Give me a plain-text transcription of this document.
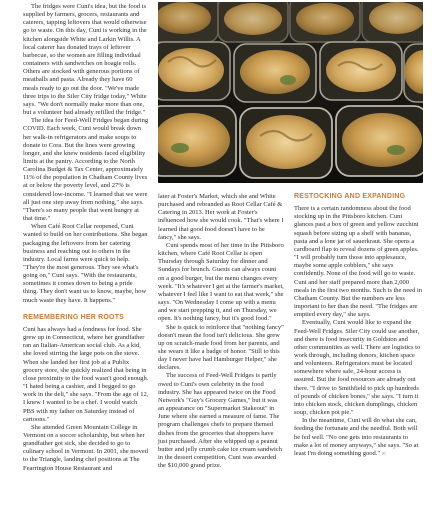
The fridges were Cuni's idea, but the food is supplied by farmers, grocers, restaurants and caterers, tapping leftovers that would otherwise go to waste. On this day, Cuni is working in the kitchen alongside White and Larkin Willis. A local caterer has donated trays of leftover barbecue, so the women are filling individual containers with sandwiches on hoagie rolls. Others are stocked with generous portions of meatballs and pasta. Already they have 60 meals ready to go out the door. "We've made three trips to the Siler City fridge today," White says. "We don't normally make more than one, but a volunteer had already refilled the fridge."

The idea for Feed-Well Fridges began during COVID. Each week, Cuni would break down her walk-in refrigerators and make soups to donate to Cora. But the lines were growing longer, and she knew residents faced eligibility limits at the pantry. According to the North Carolina Budget & Tax Center, approximately 11% of the population in Chatham County lives at or below the poverty level, and 27% is considered low-income. "I learned that we were all just one step away from nothing," she says. "There's so many people that went hungry at that time."

When Café Root Cellar reopened, Cuni wanted to build on her contributions. She began packaging the leftovers from her catering business and reaching out to others in the industry. Local farms were quick to help. "They're the most generous. They see what's going on," Cuni says. "With the restaurants, sometimes it comes down to being a pride thing. They don't want us to know, maybe, how much waste they have. It happens."

REMEMBERING HER ROOTS

Cuni has always had a fondness for food. She grew up in Connecticut, where her grandfather ran an Italian-American social club. As a kid, she loved stirring the large pots on the stove. When she landed her first job at a Publix grocery store, she quickly realized that being in close proximity to the food wasn't good enough. "I hated being a cashier, and I begged to go work in the deli," she says. "From the age of 12, I knew I wanted to be a chef. I would watch PBS with my father on Saturday instead of cartoons."

She attended Green Mountain College in Vermont on a soccer scholarship, but when her grandfather got sick, she decided to go to culinary school in Vermont. In 2001, she moved to the Triangle, landing chef positions at The Fearrington House Restaurant and

later at Foster's Market, which she and White purchased and rebranded as Root Cellar Café & Catering in 2013. Her work at Foster's influenced how she would cook. "That's where I learned that good food doesn't have to be fancy," she says.

Cuni spends most of her time in the Pittsboro kitchen, where Café Root Cellar is open Thursday through Saturday for dinner and Sundays for brunch. Guests can always count on a good burger, but the menu changes every week. "It's whatever I get at the farmer's market, whatever I feel like I want to eat that week," she says. "On Wednesday I come up with a menu and we start prepping it, and on Thursday, we open. It's nothing fancy, but it's good food."

She is quick to reinforce that "nothing fancy" doesn't mean the food isn't delicious. She grew up on scratch-made food from her parents, and she wears it like a badge of honor. "Still to this day I never have had Hamburger Helper," she declares.

The success of Feed-Well Fridges is partly owed to Cuni's own celebrity in the food industry. She has appeared twice on the Food Network's "Guy's Grocery Games," but it was an appearance on "Supermarket Stakeout" in June where she earned a measure of fame. The program challenges chefs to prepare themed dishes from the groceries that shoppers have just purchased. After she whipped up a peanut butter and jelly crumb cake ice cream sandwich in the dessert competition, Cuni was awarded the $10,000 grand prize.

RESTOCKING AND EXPANDING

There is a certain randomness about the food stocking up in the Pittsboro kitchen. Cuni glances past a box of green and yellow zucchini squash before sizing up a shelf with bananas, pasta and a lone jar of sauerkraut. She opens a cardboard flap to reveal dozens of green apples. "I will probably turn those into applesauce, maybe some apple cobblers," she says confidently. None of the food will go to waste. Cuni and her staff prepared more than 2,000 meals in the first two months. Such is the need in Chatham County. But the numbers are less important to her than the need. "The fridges are emptied every day," she says.

Eventually, Cuni would like to expand the Feed-Well Fridges. Siler City could use another, and there is food insecurity in Goldston and other communities as well. There are logistics to work through, including donors, kitchen space and volunteers. Refrigerators must be located somewhere where safe, 24-hour access is assured. But the food resources are already out there. "I drive to Smithfield to pick up hundreds of pounds of chicken bones," she says. "I turn it into chicken stock, chicken dumplings, chicken soup, chicken pot pie."

In the meantime, Cuni will do what she can, feeding the fortunate and the needful. Both will be fed well. "No one gets into restaurants to make a lot of money anyways," she says. "So at least I'm doing something good." ∞
